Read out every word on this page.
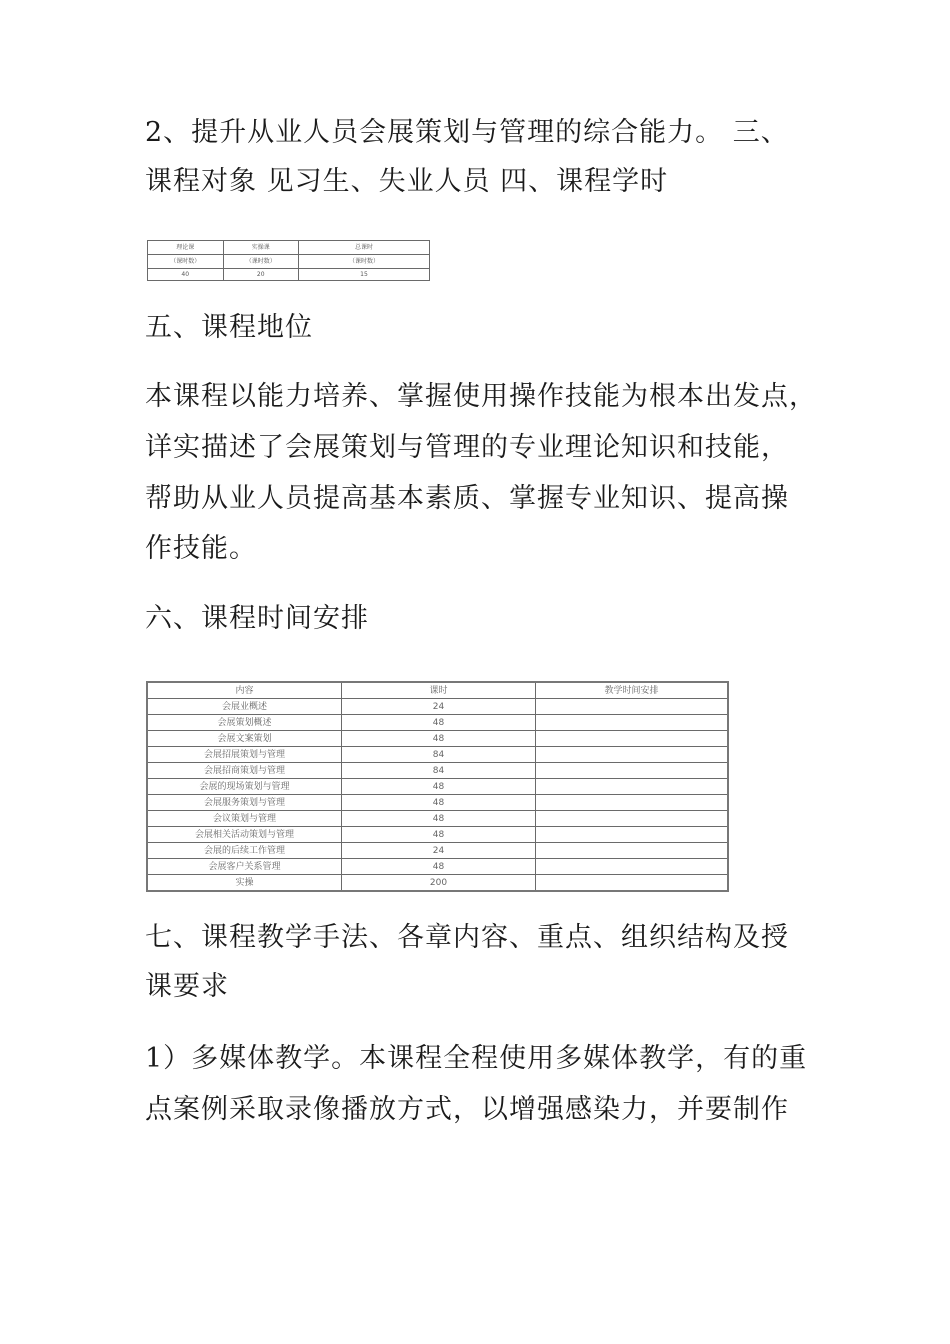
2、提升从业人员会展策划与管理的综合能力。 三、
课程对象 见习生、失业人员 四、课程学时
理论课	实操课	总课时
（课时数）	（课时数）	（课时数）
40	20	15
五、课程地位
本课程以能力培养、掌握使用操作技能为根本出发点，
详实描述了会展策划与管理的专业理论知识和技能，
帮助从业人员提高基本素质、掌握专业知识、提高操
作技能。
六、课程时间安排
内容	课时	教学时间安排
会展业概述	24	
会展策划概述	48	
会展文案策划	48	
会展招展策划与管理	84	
会展招商策划与管理	84	
会展的现场策划与管理	48	
会展服务策划与管理	48	
会议策划与管理	48	
会展相关活动策划与管理	48	
会展的后续工作管理	24	
会展客户关系管理	48	
实操	200	
七、课程教学手法、各章内容、重点、组织结构及授
课要求
1）多媒体教学。本课程全程使用多媒体教学，有的重
点案例采取录像播放方式，以增强感染力，并要制作
